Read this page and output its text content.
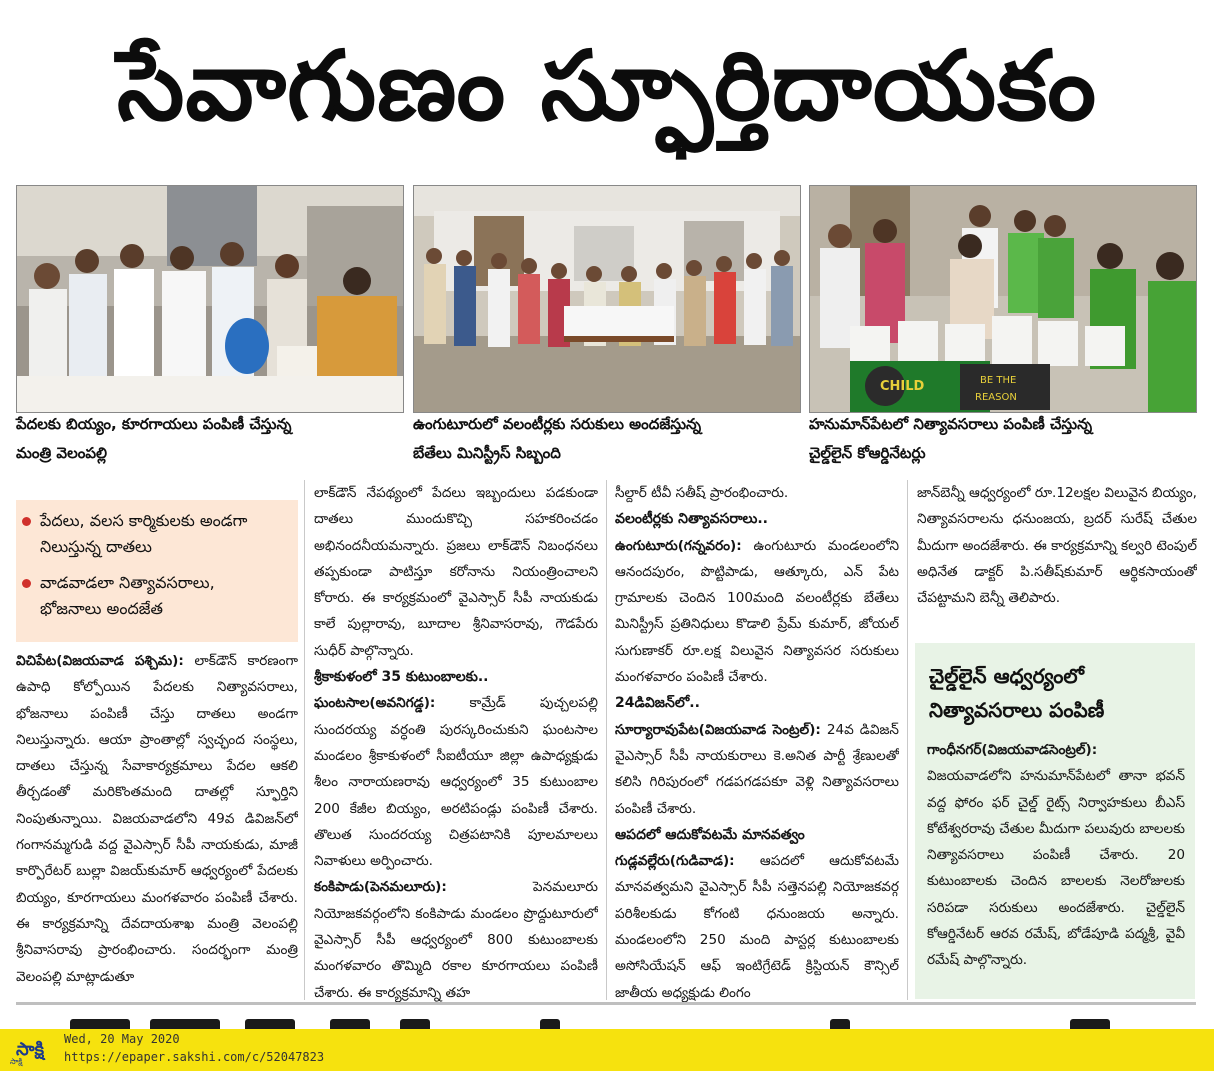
సేవాగుణం స్ఫూర్తిదాయకం
CHILD	BE THE
REASON
పేదలకు బియ్యం, కూరగాయలు పంపిణీ చేస్తున్న
మంత్రి వెలంపల్లి
ఉంగుటూరులో వలంటీర్లకు సరుకులు అందజేస్తున్న
బేతేలు మినిస్ట్రీస్ సిబ్బంది
హనుమాన్‌పేటలో నిత్యావసరాలు పంపిణీ చేస్తున్న
చైల్డ్‌లైన్ కోఆర్డినేటర్లు
పేదలు, వలస కార్మికులకు అండగా నిలుస్తున్న దాతలు
వాడవాడలా నిత్యావసరాలు, భోజనాలు అందజేత

విచిపేట(విజయవాడ పశ్చిమ): లాక్‌డౌన్ కారణంగా ఉపాధి కోల్పోయిన పేదలకు నిత్యావసరాలు, భోజనాలు పంపిణీ చేస్తు దాతలు అండగా నిలుస్తున్నారు. ఆయా ప్రాంతాల్లో స్వచ్ఛంద సంస్థలు, దాతలు చేస్తున్న సేవాకార్యక్రమాలు పేదల ఆకలి తీర్చడంతో మరికొంతమంది దాతల్లో స్ఫూర్తిని నింపుతున్నాయి. విజయవాడలోని 49వ డివిజన్‌లో గంగానమ్మగుడి వద్ద వైఎస్సార్ సీపీ నాయకుడు, మాజీ కార్పొరేటర్ బుల్లా విజయ్‌కుమార్ ఆధ్వర్యంలో పేదలకు బియ్యం, కూరగాయలు మంగళవారం పంపిణీ చేశారు. ఈ కార్యక్రమాన్ని దేవదాయశాఖ మంత్రి వెలంపల్లి శ్రీనివాసరావు ప్రారంభించారు. సందర్భంగా మంత్రి వెలంపల్లి మాట్లాడుతూ

లాక్‌డౌన్ నేపథ్యంలో పేదలు ఇబ్బందులు పడకుండా దాతలు ముందుకొచ్చి సహకరించడం అభినందనీయమన్నారు. ప్రజలు లాక్‌డౌన్ నిబంధనలు తప్పకుండా పాటిస్తూ కరోనాను నియంత్రించాలని కోరారు. ఈ కార్యక్రమంలో వైఎస్సార్ సీపీ నాయకుడు కాలే పుల్లారావు, బూదాల శ్రీనివాసరావు, గౌడపేరు సుధీర్ పాల్గొన్నారు.

శ్రీకాకుళంలో 35 కుటుంబాలకు..

ఘంటసాల(అవనిగడ్డ):	కామ్రేడ్ పుచ్చలపల్లి సుందరయ్య వర్ధంతి పురస్కరించుకుని ఘంటసాల మండలం శ్రీకాకుళంలో సీఐటీయూ జిల్లా ఉపాధ్యక్షుడు శీలం నారాయణరావు ఆధ్వర్యంలో 35 కుటుంబాల 200 కేజీల బియ్యం, అరటిపండ్లు పంపిణీ చేశారు. తొలుత సుందరయ్య చిత్రపటానికి పూలమాలలు నివాళులు అర్పించారు.

కంకిపాడు(పెనమలూరు):	పెనమలూరు నియోజకవర్గంలోని కంకిపాడు మండలం ప్రొద్దుటూరులో వైఎస్సార్ సీపీ ఆధ్వర్యంలో 800 కుటుంబాలకు మంగళవారం తొమ్మిది రకాల కూరగాయలు పంపిణీ చేశారు. ఈ కార్యక్రమాన్ని తహ

సీల్దార్ టీవీ సతీష్ ప్రారంభించారు.

వలంటీర్లకు నిత్యావసరాలు..

ఉంగుటూరు(గన్నవరం): ఉంగుటూరు మండలంలోని ఆనందపురం, పొట్టిపాడు, ఆత్కూరు, ఎన్ పేట గ్రామాలకు చెందిన 100మంది వలంటీర్లకు బేతేలు మినిస్ట్రీస్ ప్రతినిధులు కొడాలి ప్రేమ్ కుమార్, జోయల్ సుగుణాకర్ రూ.లక్ష విలువైన నిత్యావసర సరుకులు మంగళవారం పంపిణీ చేశారు.

24డివిజన్‌లో..

సూర్యారావుపేట(విజయవాడ సెంట్రల్): 24వ డివిజన్ వైఎస్సార్ సీపీ నాయకురాలు కె.అనిత పార్టీ శ్రేణులతో కలిసి గిరిపురంలో గడపగడపకూ వెళ్లి నిత్యావసరాలు పంపిణీ చేశారు.

ఆపదలో ఆదుకోవటమే మానవత్వం

గుడ్లవల్లేరు(గుడివాడ): ఆపదలో ఆదుకోవటమే మానవత్వమని వైఎస్సార్ సీపీ సత్తెనపల్లి నియోజకవర్గ పరిశీలకుడు కోగంటి ధనుంజయ అన్నారు. మండలంలోని 250 మంది పాస్టర్ల కుటుంబాలకు అసోసియేషన్ ఆఫ్ ఇంటిగ్రేటెడ్ క్రిస్టియన్ కౌన్సిల్ జాతీయ అధ్యక్షుడు లింగం

జాన్‌బెన్నీ ఆధ్వర్యంలో రూ.12లక్షల విలువైన బియ్యం, నిత్యావసరాలను ధనుంజయ, బ్రదర్ సురేష్ చేతుల మీదుగా అందజేశారు. ఈ కార్యక్రమాన్ని కల్వరి టెంపుల్ అధినేత డాక్టర్ పి.సతీష్‌కుమార్ ఆర్థికసాయంతో చేపట్టామని బెన్నీ తెలిపారు.

చైల్డ్‌లైన్ ఆధ్వర్యంలో నిత్యావసరాలు పంపిణీ

గాంధీనగర్(విజయవాడసెంట్రల్): విజయవాడలోని హనుమాన్‌పేటలో తానా భవన్ వద్ద ఫోరం ఫర్ చైల్డ్ రైట్స్ నిర్వాహకులు బీఎస్ కోటేశ్వరరావు చేతుల మీదుగా పలువురు బాలలకు నిత్యావసరాలు పంపిణీ చేశారు. 20 కుటుంబాలకు చెందిన బాలలకు నెలరోజులకు సరిపడా సరుకులు అందజేశారు. చైల్డ్‌లైన్ కోఆర్డినేటర్ ఆరవ రమేష్, బోడేపూడి పద్మశ్రీ, వైవీ రమేష్ పాల్గొన్నారు.

సాక్షి
సాక్షి
Wed, 20 May 2020
https://epaper.sakshi.com/c/52047823
